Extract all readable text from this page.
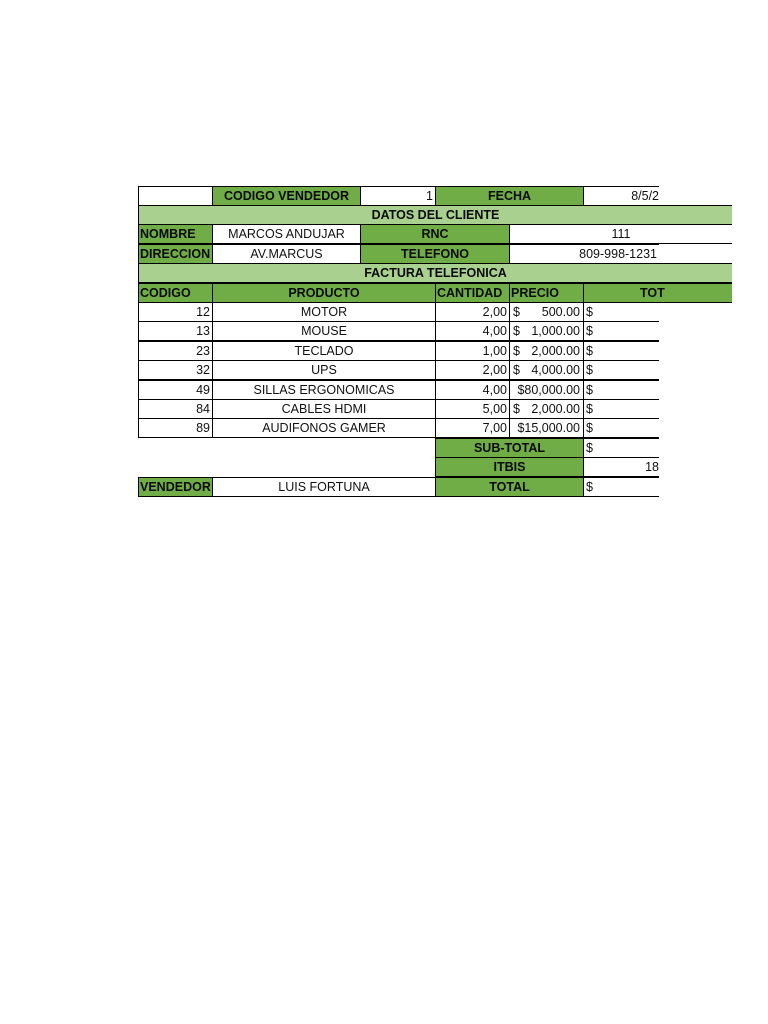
CODIGO VENDEDOR	1	FECHA	8/5/2
DATOS DEL CLIENTE
NOMBRE	MARCOS ANDUJAR	RNC	111
DIRECCION	AV.MARCUS	TELEFONO	809-998-1231
FACTURA TELEFONICA
CODIGO	PRODUCTO	CANTIDAD PRECIO	TOT
12	MOTOR	2,00 $ 500.00 $
13	MOUSE	4,00 $ 1,000.00 $
23	TECLADO	1,00 $ 2,000.00 $
32	UPS	2,00 $ 4,000.00 $
49	SILLAS ERGONOMICAS	4,00 $80,000.00 $
84	CABLES HDMI	5,00 $ 2,000.00 $
89	AUDIFONOS GAMER	7,00 $15,000.00 $
SUB-TOTAL	$
ITBIS	18
VENDEDOR	LUIS FORTUNA	TOTAL	$
